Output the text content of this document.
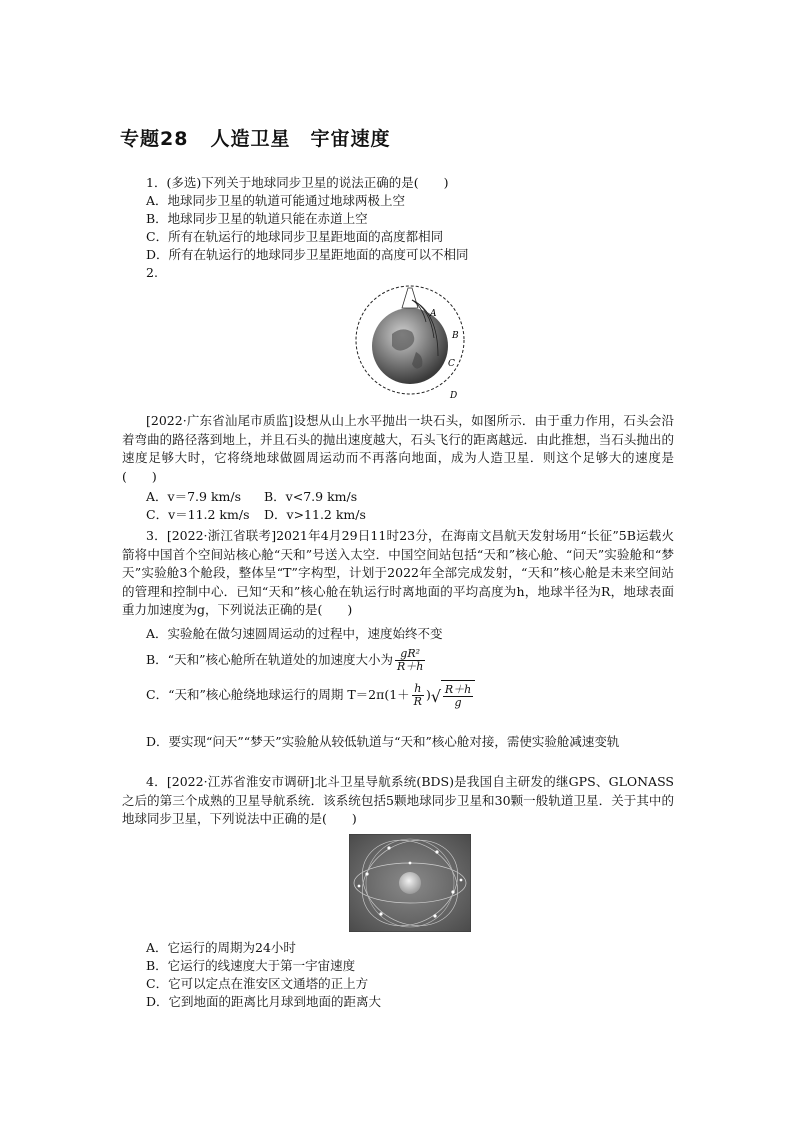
专题28 人造卫星　宇宙速度
1．(多选)下列关于地球同步卫星的说法正确的是(　　)
A．地球同步卫星的轨道可能通过地球两极上空
B．地球同步卫星的轨道只能在赤道上空
C．所有在轨运行的地球同步卫星距地面的高度都相同
D．所有在轨运行的地球同步卫星距地面的高度可以不相同
2.
A
B
C
D
[2022·广东省汕尾市质监]设想从山上水平抛出一块石头，如图所示．由于重力作用，石头会沿着弯曲的路径落到地上，并且石头的抛出速度越大，石头飞行的距离越远．由此推想，当石头抛出的速度足够大时，它将绕地球做圆周运动而不再落向地面，成为人造卫星．则这个足够大的速度是(　　)
A．v＝7.9 km/s B．v<7.9 km/s
C．v＝11.2 km/s D．v>11.2 km/s
3．[2022·浙江省联考]2021年4月29日11时23分，在海南文昌航天发射场用“长征”5B运载火箭将中国首个空间站核心舱“天和”号送入太空．中国空间站包括“天和”核心舱、“问天”实验舱和“梦天”实验舱3个舱段，整体呈“T”字构型，计划于2022年全部完成发射，“天和”核心舱是未来空间站的管理和控制中心．已知“天和”核心舱在轨运行时离地面的平均高度为h，地球半径为R，地球表面重力加速度为g，下列说法正确的是(　　)
A．实验舱在做匀速圆周运动的过程中，速度始终不变
B．“天和”核心舱所在轨道处的加速度大小为 $\frac{\text{gR²}}{R+h}$
C．“天和”核心舱绕地球运行的周期 $T=2\pi(1+ \frac{h}{R}$ )
√ $\frac{R+h}{g}$
D．要实现“问天”“梦天”实验舱从较低轨道与“天和”核心舱对接，需使实验舱减速变轨
4．[2022·江苏省淮安市调研]北斗卫星导航系统(BDS)是我国自主研发的继GPS、GLONASS之后的第三个成熟的卫星导航系统．该系统包括5颗地球同步卫星和30颗一般轨道卫星．关于其中的地球同步卫星，下列说法中正确的是(　　)
A．它运行的周期为24小时
B．它运行的线速度大于第一宇宙速度
C．它可以定点在淮安区文通塔的正上方
D．它到地面的距离比月球到地面的距离大
